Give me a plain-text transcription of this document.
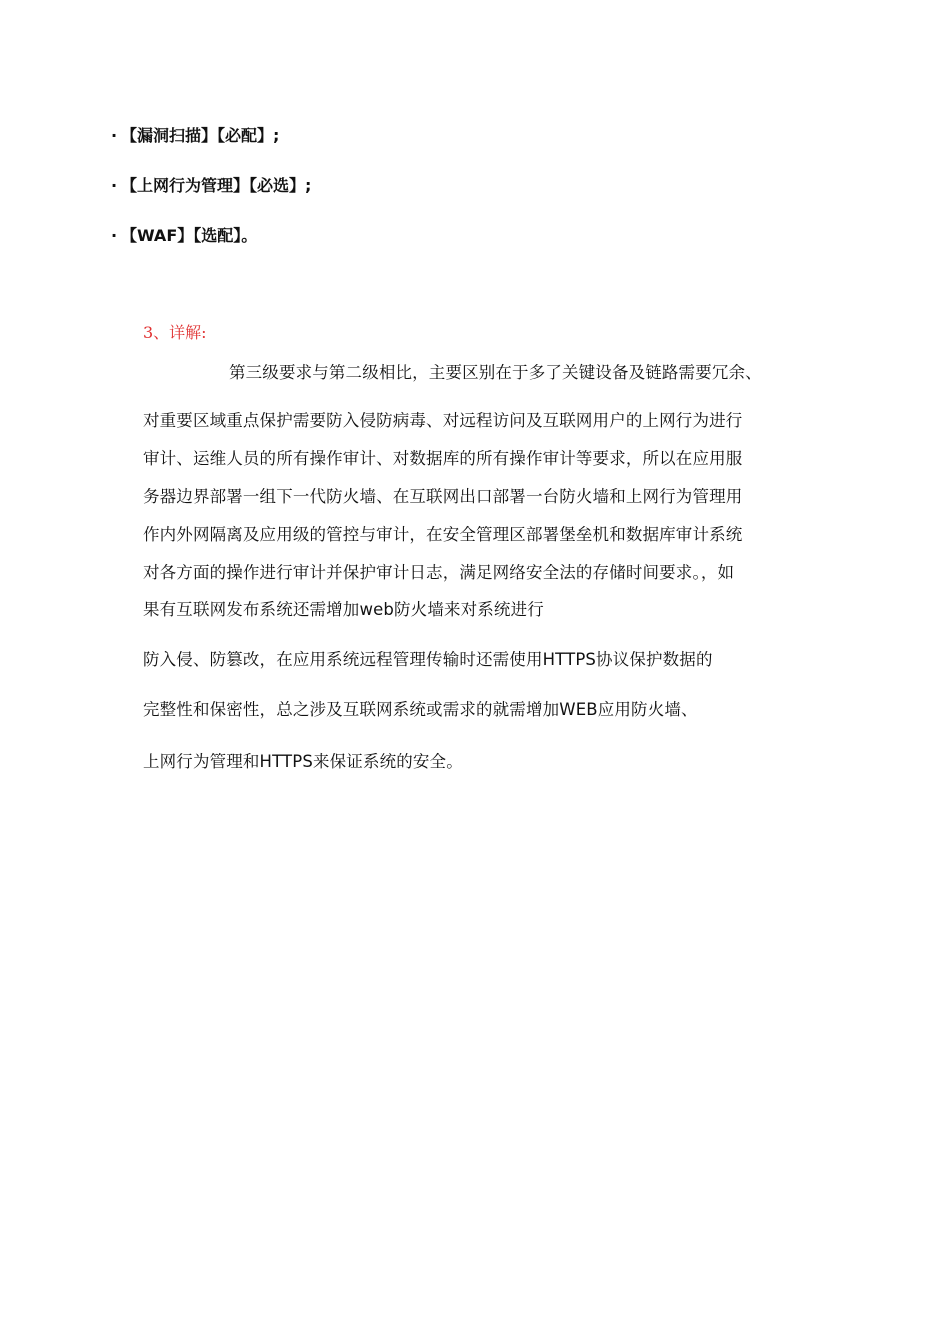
· 【漏洞扫描】【必配】;
· 【上网行为管理】【必选】;
· 【WAF】【选配】。
3、详解:
第三级要求与第二级相比，主要区别在于多了关键设备及链路需要冗余、
对重要区域重点保护需要防入侵防病毒、对远程访问及互联网用户的上网行为进行
审计、运维人员的所有操作审计、对数据库的所有操作审计等要求，所以在应用服
务器边界部署一组下一代防火墙、在互联网出口部署一台防火墙和上网行为管理用
作内外网隔离及应用级的管控与审计，在安全管理区部署堡垒机和数据库审计系统
对各方面的操作进行审计并保护审计日志，满足网络安全法的存储时间要求。，如
果有互联网发布系统还需增加web防火墙来对系统进行
防入侵、防篡改，在应用系统远程管理传输时还需使用HTTPS协议保护数据的
完整性和保密性，总之涉及互联网系统或需求的就需增加WEB应用防火墙、
上网行为管理和HTTPS来保证系统的安全。
